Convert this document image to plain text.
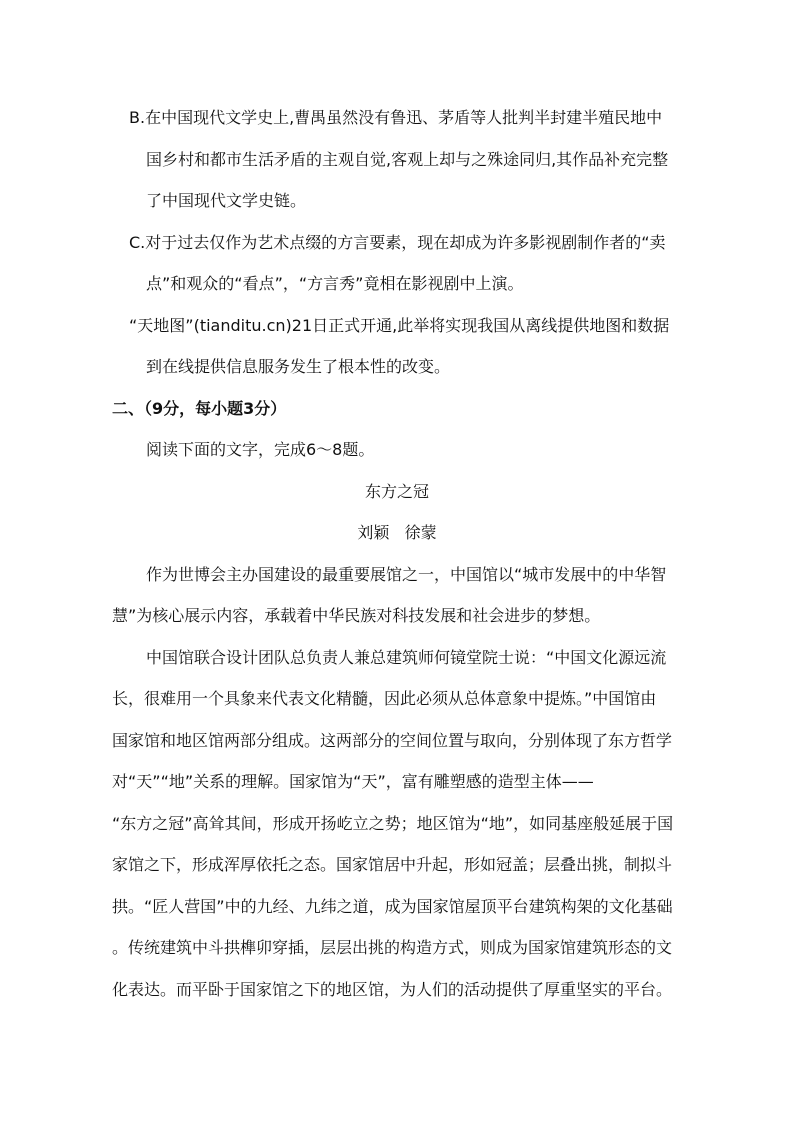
B.在中国现代文学史上,曹禺虽然没有鲁迅、茅盾等人批判半封建半殖民地中
国乡村和都市生活矛盾的主观自觉,客观上却与之殊途同归,其作品补充完整
了中国现代文学史链。
C.对于过去仅作为艺术点缀的方言要素，现在却成为许多影视剧制作者的“卖
点”和观众的“看点”，“方言秀”竟相在影视剧中上演。
“天地图”(tianditu.cn)21日正式开通,此举将实现我国从离线提供地图和数据
到在线提供信息服务发生了根本性的改变。
二、（9分，每小题3分）
阅读下面的文字，完成6～8题。
东方之冠
刘颖   徐蒙
作为世博会主办国建设的最重要展馆之一，中国馆以“城市发展中的中华智
慧”为核心展示内容，承载着中华民族对科技发展和社会进步的梦想。
中国馆联合设计团队总负责人兼总建筑师何镜堂院士说：“中国文化源远流
长，很难用一个具象来代表文化精髓，因此必须从总体意象中提炼。”中国馆由
国家馆和地区馆两部分组成。这两部分的空间位置与取向，分别体现了东方哲学
对“天”“地”关系的理解。国家馆为“天”，富有雕塑感的造型主体——
“东方之冠”高耸其间，形成开扬屹立之势；地区馆为“地”，如同基座般延展于国
家馆之下，形成浑厚依托之态。国家馆居中升起，形如冠盖；层叠出挑，制拟斗
拱。“匠人营国”中的九经、九纬之道，成为国家馆屋顶平台建筑构架的文化基础
。传统建筑中斗拱榫卯穿插，层层出挑的构造方式，则成为国家馆建筑形态的文
化表达。而平卧于国家馆之下的地区馆，为人们的活动提供了厚重坚实的平台。
